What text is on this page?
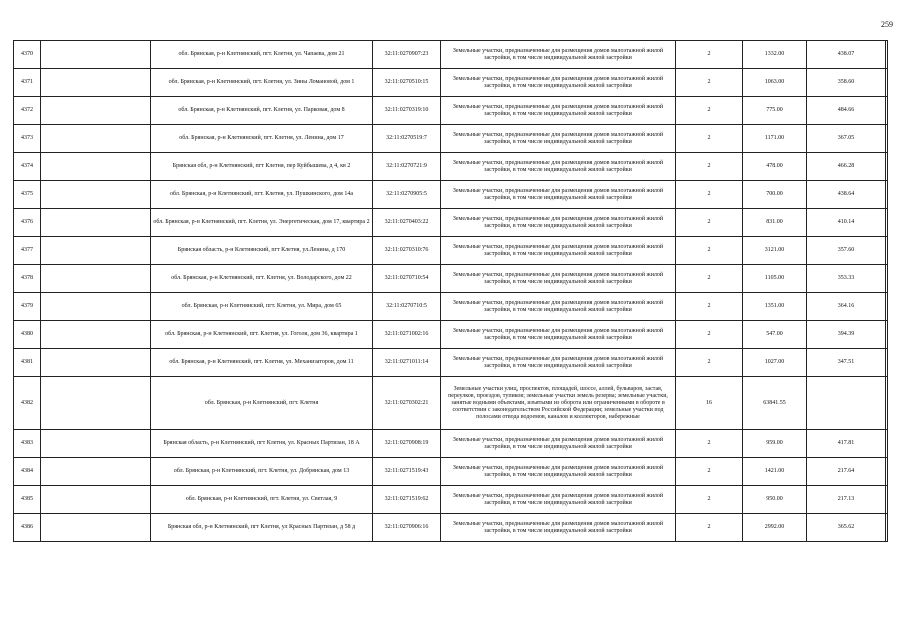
259
4370		обл. Брянская, р-н Клетнянский, пгт. Клетня, ул. Чапаева, дом 21	32:11:0270907:23	Земельные участки, предназначенные для размещения домов малоэтажной жилой застройки, в том числе индивидуальной жилой застройки	2	1332.00	438.07	
4371		обл. Брянская, р-н Клетнянский, пгт. Клетня, ул. Зины Ломановой, дом 1	32:11:0270510:15	Земельные участки, предназначенные для размещения домов малоэтажной жилой застройки, в том числе индивидуальной жилой застройки	2	1063.00	358.60	
4372		обл. Брянская, р-н Клетнянский, пгт. Клетня, ул. Парковая, дом 8	32:11:0270319:10	Земельные участки, предназначенные для размещения домов малоэтажной жилой застройки, в том числе индивидуальной жилой застройки	2	775.00	484.66	
4373		обл. Брянская, р-н Клетнянский, пгт. Клетня, ул. Ленина, дом 17	32:11:0270519:7	Земельные участки, предназначенные для размещения домов малоэтажной жилой застройки, в том числе индивидуальной жилой застройки	2	1171.00	367.05	
4374		Брянская обл, р-н Клетнянский, пгт Клетня, пер Куйбышева, д 4, кв 2	32:11:0270721:9	Земельные участки, предназначенные для размещения домов малоэтажной жилой застройки, в том числе индивидуальной жилой застройки	2	478.00	466.28	
4375		обл. Брянская, р-н Клетнянский, пгт. Клетня, ул. Пушкинского, дом 14а	32:11:0270905:5	Земельные участки, предназначенные для размещения домов малоэтажной жилой застройки, в том числе индивидуальной жилой застройки	2	700.00	438.64	
4376		обл. Брянская, р-н Клетнянский, пгт. Клетня, ул. Энергетическая, дом 17, квартира 2	32:11:0270403:22	Земельные участки, предназначенные для размещения домов малоэтажной жилой застройки, в том числе индивидуальной жилой застройки	2	831.00	410.14	
4377		Брянская область, р-н Клетнянский, пгт Клетня, ул.Ленина, д 170	32:11:0270310:76	Земельные участки, предназначенные для размещения домов малоэтажной жилой застройки, в том числе индивидуальной жилой застройки	2	3121.00	357.60	
4378		обл. Брянская, р-н Клетнянский, пгт. Клетня, ул. Володарского, дом 22	32:11:0270710:54	Земельные участки, предназначенные для размещения домов малоэтажной жилой застройки, в том числе индивидуальной жилой застройки	2	1105.00	353.33	
4379		обл. Брянская, р-н Клетнянский, пгт. Клетня, ул. Мира, дом 65	32:11:0270710:5	Земельные участки, предназначенные для размещения домов малоэтажной жилой застройки, в том числе индивидуальной жилой застройки	2	1351.00	364.16	
4380		обл. Брянская, р-н Клетнянский, пгт. Клетня, ул. Гоголя, дом 36, квартира 1	32:11:0271002:16	Земельные участки, предназначенные для размещения домов малоэтажной жилой застройки, в том числе индивидуальной жилой застройки	2	547.00	394.39	
4381		обл. Брянская, р-н Клетнянский, пгт. Клетня, ул. Механизаторов, дом 11	32:11:0271011:14	Земельные участки, предназначенные для размещения домов малоэтажной жилой застройки, в том числе индивидуальной жилой застройки	2	1027.00	347.51	
4382		обл. Брянская, р-н Клетнянский, пгт. Клетня	32:11:0270302:21	Земельные участки улиц, проспектов, площадей, шоссе, аллей, бульваров, застав, переулков, проездов, тупиков; земельные участки земель резерва; земельные участки, занятые водными объектами, изъятыми из оборота или ограниченными в обороте в соответствии с законодательством Российской Федерации; земельные участки под полосами отвода водоемов, каналов и коллекторов, набережные	16	63841.55		
4383		Брянская область, р-н Клетнянский, пгт Клетня, ул. Красных Партизан, 18 А	32:11:0270908:19	Земельные участки, предназначенные для размещения домов малоэтажной жилой застройки, в том числе индивидуальной жилой застройки	2	959.00	417.81	
4384		обл. Брянская, р-н Клетнянский, пгт. Клетня, ул. Добрянская, дом 13	32:11:0271519:43	Земельные участки, предназначенные для размещения домов малоэтажной жилой застройки, в том числе индивидуальной жилой застройки	2	1421.00	217.64	
4385		обл. Брянская, р-н Клетнянский, пгт. Клетня, ул. Светлая, 9	32:11:0271519:62	Земельные участки, предназначенные для размещения домов малоэтажной жилой застройки, в том числе индивидуальной жилой застройки	2	950.00	217.13	
4386		Брянская обл, р-н Клетнянский, пгт Клетня, ул Красных Партизан, д 58 д	32:11:0270906:16	Земельные участки, предназначенные для размещения домов малоэтажной жилой застройки, в том числе индивидуальной жилой застройки	2	2992.00	365.62	
